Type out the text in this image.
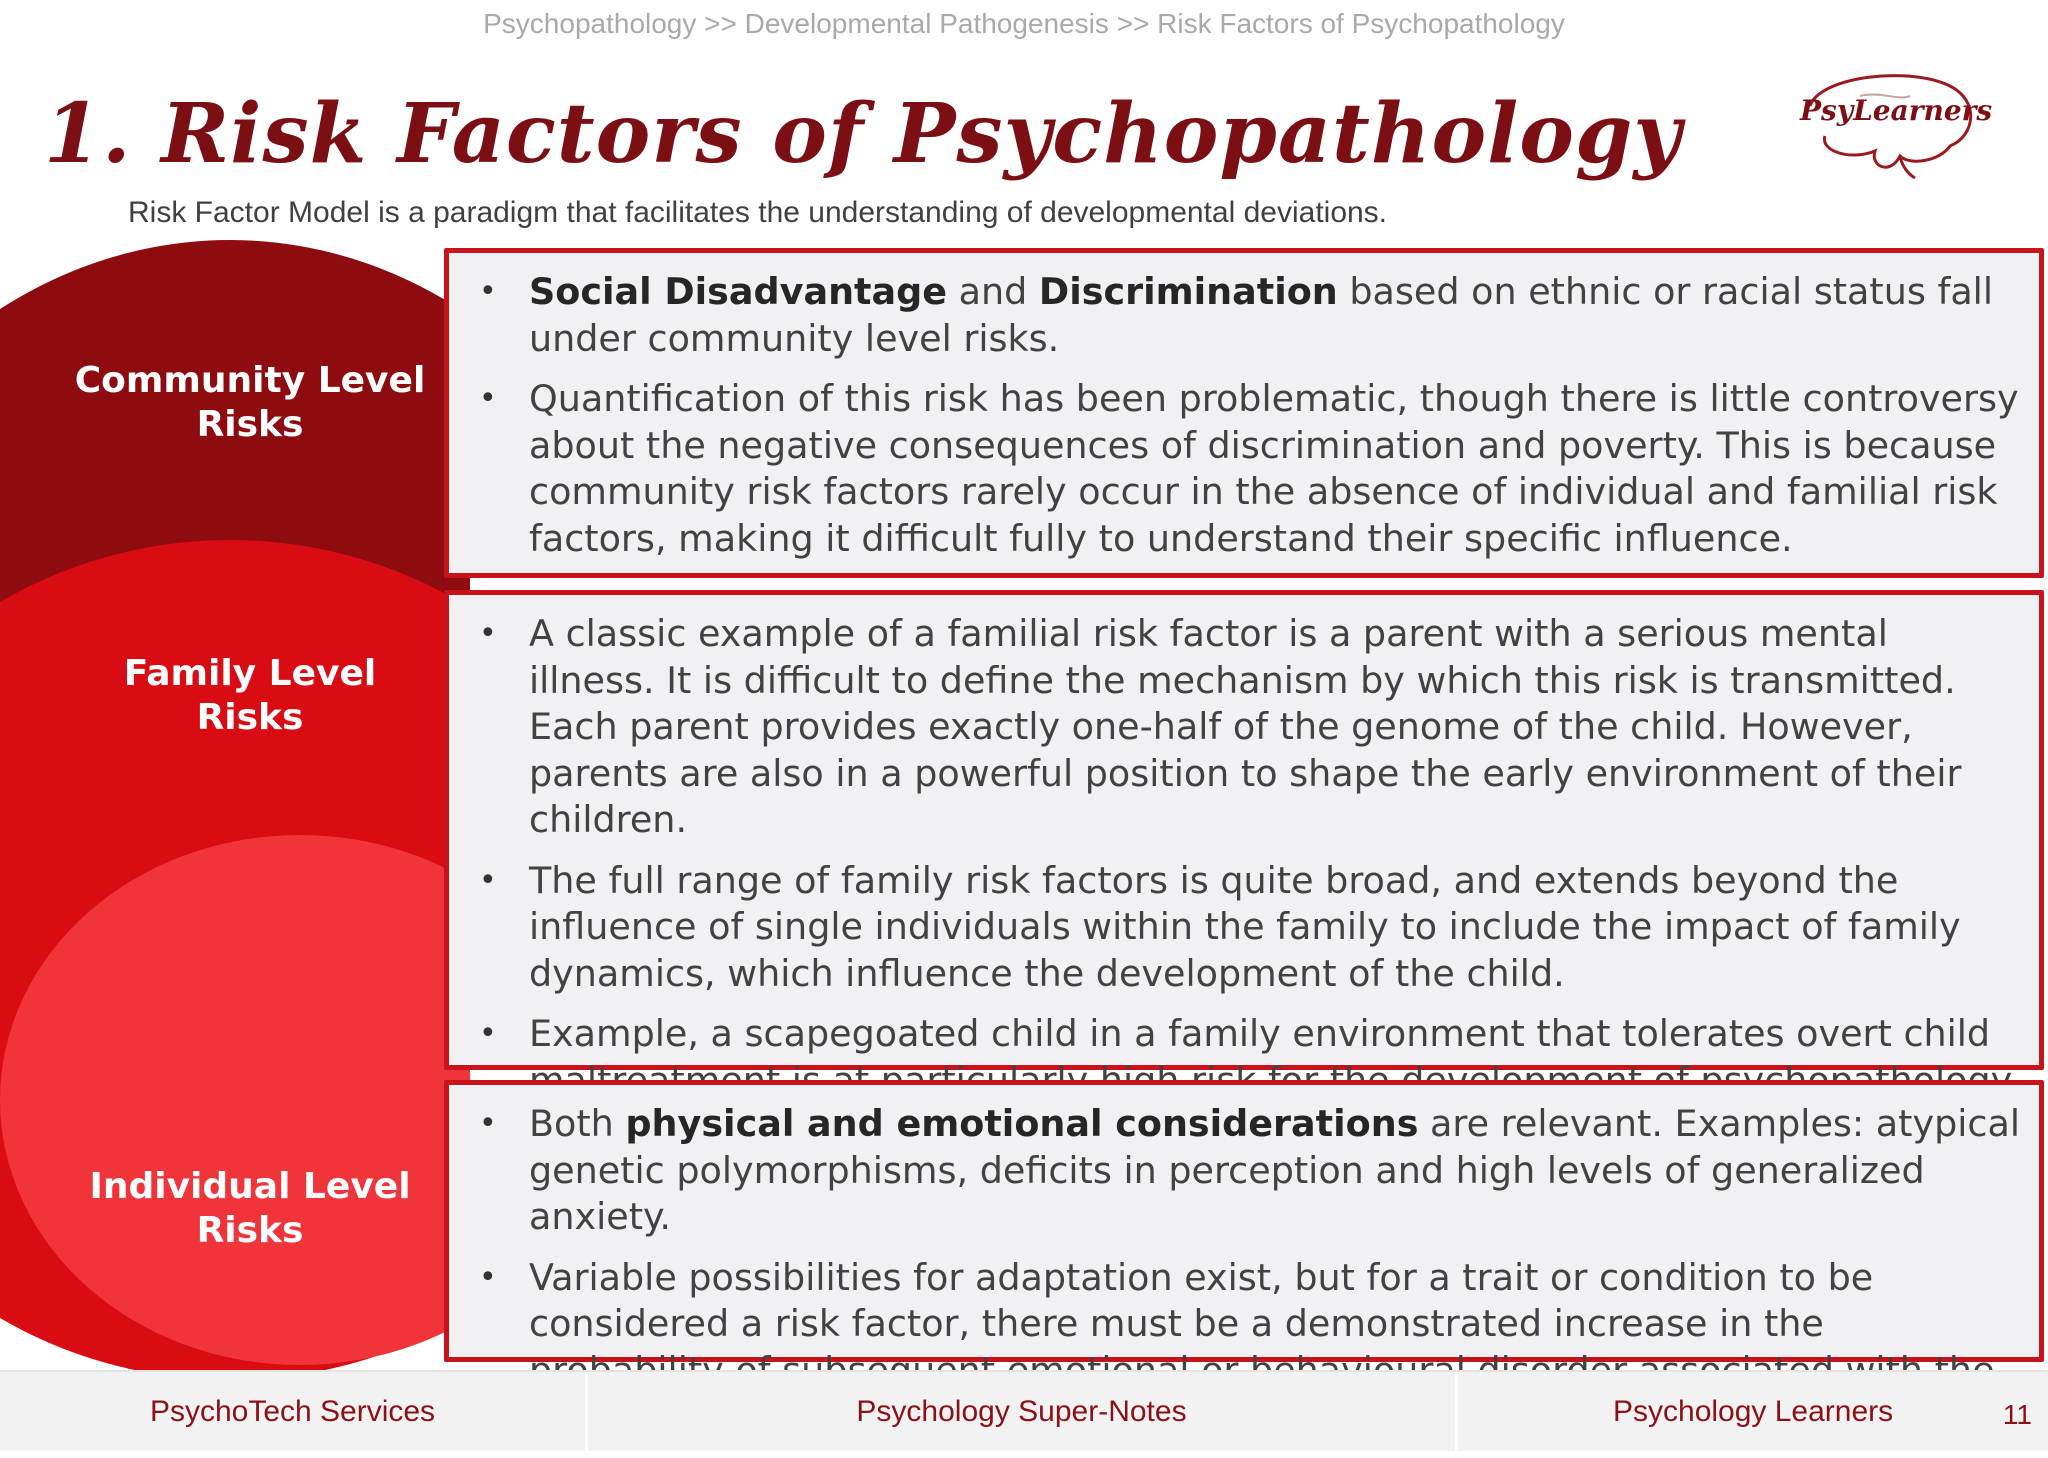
Psychopathology >> Developmental Pathogenesis >> Risk Factors of Psychopathology
1. Risk Factors of Psychopathology
Risk Factor Model is a paradigm that facilitates the understanding of developmental deviations.
PsyLearners
Community Level
Risks
Family Level
Risks
Individual Level
Risks
• Social Disadvantage and Discrimination based on ethnic or racial status fall under community level risks.
• Quantification of this risk has been problematic, though there is little controversy about the negative consequences of discrimination and poverty. This is because community risk factors rarely occur in the absence of individual and familial risk factors, making it difficult fully to understand their specific influence.
• A classic example of a familial risk factor is a parent with a serious mental illness. It is difficult to define the mechanism by which this risk is transmitted. Each parent provides exactly one-half of the genome of the child. However, parents are also in a powerful position to shape the early environment of their children.
• The full range of family risk factors is quite broad, and extends beyond the influence of single individuals within the family to include the impact of family dynamics, which influence the development of the child.
• Example, a scapegoated child in a family environment that tolerates overt child
• Both physical and emotional considerations are relevant. Examples: atypical genetic polymorphisms, deficits in perception and high levels of generalized anxiety.
• Variable possibilities for adaptation exist, but for a trait or condition to be considered a risk factor, there must be a demonstrated increase in the
PsychoTech Services	Psychology Super-Notes	Psychology Learners	11
